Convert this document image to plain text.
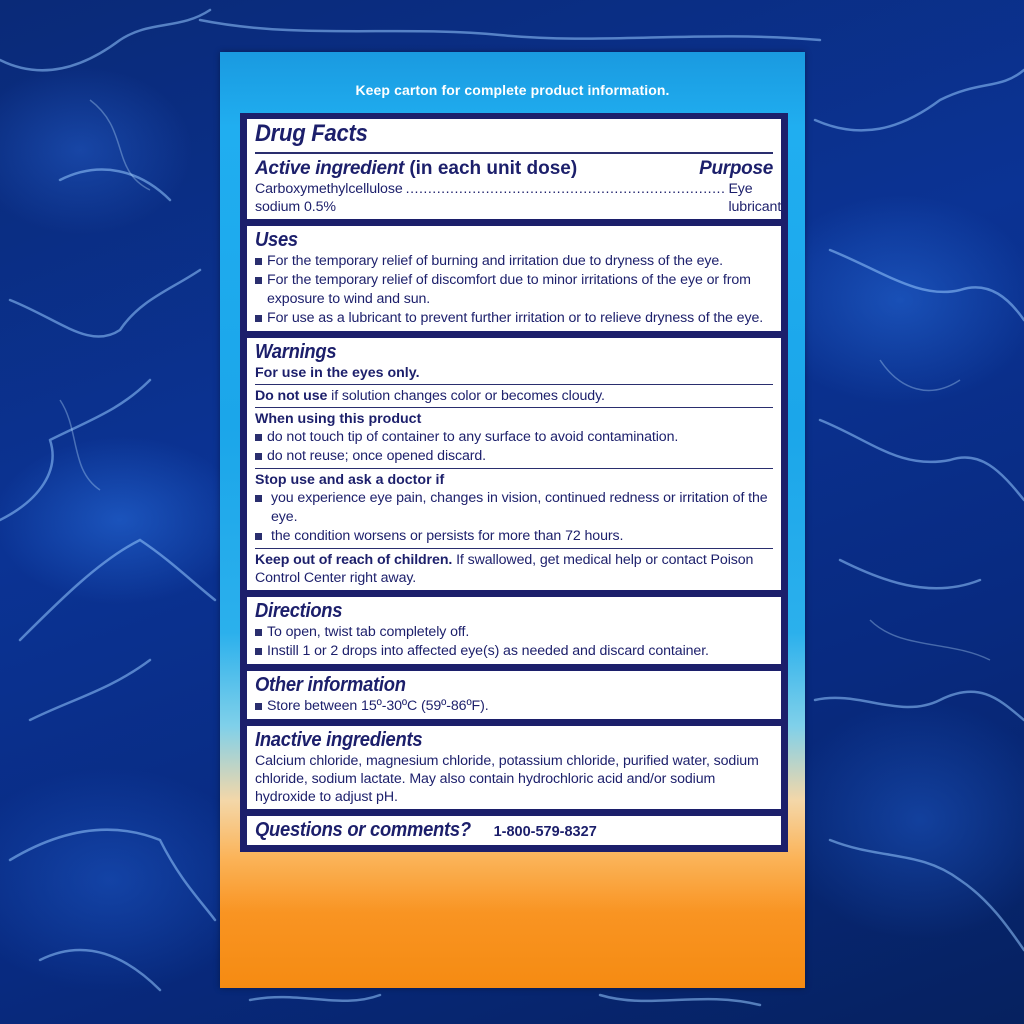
Keep carton for complete product information.
Drug Facts
Active ingredient (in each unit dose)	Purpose
Carboxymethylcellulose sodium 0.5%
........................................................................ Eye lubricant
Uses
For the temporary relief of burning and irritation due to dryness of the eye.
For the temporary relief of discomfort due to minor irritations of the eye or from exposure to wind and sun.
For use as a lubricant to prevent further irritation or to relieve dryness of the eye.
Warnings
For use in the eyes only.
Do not use if solution changes color or becomes cloudy.
When using this product
do not touch tip of container to any surface to avoid contamination.
do not reuse; once opened discard.
Stop use and ask a doctor if
you experience eye pain, changes in vision, continued redness or irritation of the eye.
the condition worsens or persists for more than 72 hours.
Keep out of reach of children. If swallowed, get medical help or contact Poison Control Center right away.
Directions
To open, twist tab completely off.
Instill 1 or 2 drops into affected eye(s) as needed and discard container.
Other information
Store between 15º-30ºC (59º-86ºF).
Inactive ingredients
Calcium chloride, magnesium chloride, potassium chloride, purified water, sodium chloride, sodium lactate. May also contain hydrochloric acid and/or sodium hydroxide to adjust pH.
Questions or comments? 1-800-579-8327
